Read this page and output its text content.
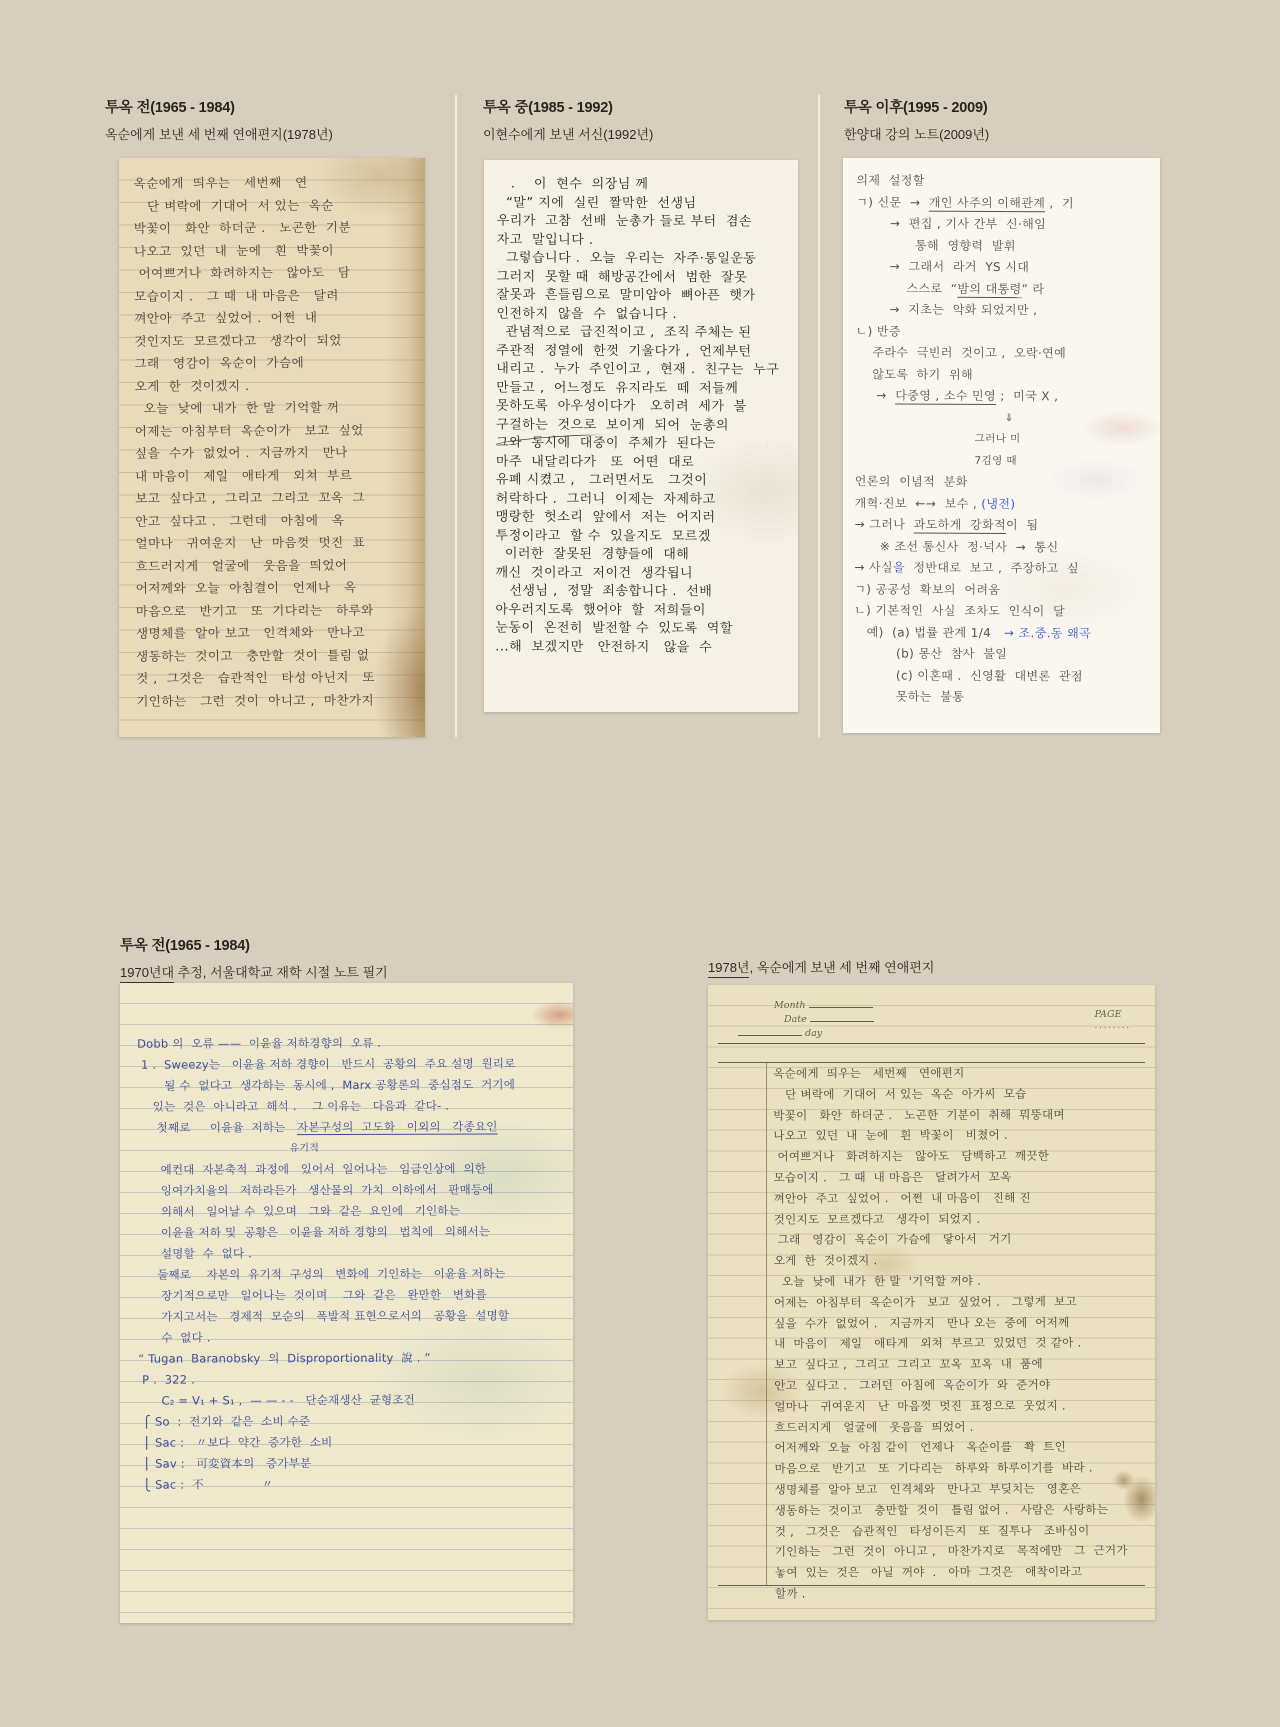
투옥 전(1965 - 1984)
옥순에게 보낸 세 번째 연애편지(1978년)
투옥 중(1985 - 1992)
이현수에게 보낸 서신(1992년)
투옥 이후(1995 - 2009)
한양대 강의 노트(2009년)
옥순에게  띄우는   세번째   연
단 벼락에  기대어  서 있는  옥순
박꽃이   화안  하더군 .   노곤한  기분
나오고  있던  내  눈에   흰  박꽃이
어여쁘거나  화려하지는   않아도   담
모습이지 .   그 때  내 마음은   달려
껴안아  주고  싶었어 .  어쩐  내
것인지도  모르겠다고   생각이  되었
그래   영감이  옥순이  가슴에
오게  한  것이겠지 .
오늘  낮에  내가  한 말  기억할 꺼
어제는  아침부터  옥순이가   보고  싶었
싶을  수가  없었어 .  지금까지   만나
내 마음이   제일   애타게   외쳐  부르
보고  싶다고 ,  그리고  그리고  꼬옥  그
안고  싶다고 .   그런데   아침에   옥
얼마나   귀여운지   난  마음껏  멋진  표
흐드러지게   얼굴에   웃음을  띄었어
어저께와  오늘  아침결이   언제나   옥
마음으로   반기고   또  기다리는   하루와
생명체를  알아 보고   인격체와   만나고
생동하는  것이고   충만할  것이  틀림 없
것 ,  그것은   습관적인   타성 아닌지   또
기인하는   그런  것이  아니고 ,  마찬가지
.    이  현수  의장님 께
“말” 지에  실린  짤막한  선생님
우리가  고참  선배  눈총가 들로 부터  겸손
자고  말입니다 .
그렇습니다 .  오늘  우리는  자주·통일운동
그러지  못할 때  해방공간에서  범한  잘못
잘못과  흔들림으로  말미암아  뼈아픈  햇가
인전하지  않을  수  없습니다 .
관념적으로  급진적이고 ,  조직 주체는 된
주관적  정열에  한껏  기울다가 ,  언제부턴
내리고 .  누가  주인이고 ,  현재 .  친구는  누구
만들고 ,  어느정도  유지라도  떼  저들께
못하도록  아우성이다가   오히려  세가  불
구걸하는  것으로  보이게  되어  눈총의
그와  동시에  대중이  주체가  된다는
마주  내달리다가   또  어떤  대로
유폐 시켰고 ,   그러면서도   그것이
허락하다 .  그러니  이제는  자제하고
맹랑한  헛소리  앞에서  저는  어지러
투정이라고  할 수  있을지도  모르겠
이러한  잘못된  경향들에  대해
깨신  것이라고  저이건  생각됩니
선생님 ,  정말  죄송합니다 .  선배
아우러지도록  했어야  할  저희들이
눈동이  온전히  발전할 수  있도록  역할
...해  보겠지만   안전하지   않을  수
의제  설정할
ㄱ) 신문  →  개인 사주의 이해관계 ,  기
→  편집 , 기사 간부  신·해임
통해  영향력  발휘
→  그래서  라거  YS 시대
스스로  “밤의 대통령” 라
→  지초는  악화 되었지만 ,
ㄴ) 반증
주라수  극빈러  것이고 ,  오락·연예
않도록  하기  위해
→  다중영 , 소수 민영 ;  미국 X ,
⇓
그러나 미
7김영 때
언론의  이념적  분화
개혁·진보  ←→  보수 , (냉전)
→ 그러나  과도하게  강화적이  됨
※ 조선 통신사  정·넉사  →  통신
→ 사실을  정반대로  보고 ,  주장하고  싶
ㄱ) 공공성  확보의  어려움
ㄴ) 기본적인  사실  조차도  인식이  달
예)  (a) 법률 관계 1/4   → 조.중.동 왜곡
(b) 몽산  참사  불일
(c) 이혼때 .  신영활  대변론  관점
못하는  불통
투옥 전(1965 - 1984)
1970년대 추정, 서울대학교 재학 시절 노트 필기	1978년, 옥순에게 보낸 세 번째 연애편지
Dobb 의  오류 ——  이윤율 저하경향의  오류 .
1 .  Sweezy는   이윤율 저하 경향이   반드시  공황의  주요 설명  원리로
될 수  없다고  생각하는  동시에 ,  Marx 공황론의  중심점도  거기에
있는  것은  아니라고  해석 .    그 이유는   다음과  같다- .
첫째로     이윤율  저하는   자본구성의  고도화   이외의   각종요인
유기적
예컨대  자본축적  과정에   있어서  일어나는   임금인상에  의한
잉여가치율의   저하라든가   생산물의  가치  이하에서   판매등에
의해서   일어날 수  있으며   그와  같은  요인에   기인하는
이윤율 저하 및  공황은   이윤율 저하 경향의   법칙에   의해서는
설명할  수  없다 .
둘째로    자본의  유기적  구성의   변화에  기인하는   이윤율 저하는
장기적으로만   일어나는  것이며    그와  같은   완만한   변화를
가지고서는   경제적  모순의   폭발적 표현으로서의   공황을  설명할
수  없다 .
“ Tugan  Baranobsky  의  Disproportionality  說 . ”
P .  322 .
C₂ = V₁ + S₁ ,  — — - -   단순재생산  균형조건
⎧ So  :  전기와  같은  소비 수준
⎪ Sac :   〃보다  약간  증가한  소비
⎪ Sav :   可変資本의   증가부분
⎩ Sac :  不               〃
Month
Date
day
PAGE
........
옥순에게  띄우는   세번째   연애편지
단 벼락에  기대어  서 있는  옥순  아가씨  모습
박꽃이   화안  하더군 .   노곤한  기분이  취해  뭐뚱대며
나오고  있던  내  눈에   흰  박꽃이   비쳤어 .
어여쁘거나   화려하지는   않아도   담백하고  깨끗한
모습이지 .   그 때  내 마음은   달려가서  꼬옥
껴안아  주고  싶었어 .   어쩐  내 마음이   진해 진
것인지도  모르겠다고   생각이  되었지 .
그래   영감이  옥순이  가슴에   닿아서   거기
오게  한  것이겠지 .
오늘  낮에  내가  한 말  '기억할 꺼야 .
어제는  아침부터  옥순이가   보고  싶었어 .   그렇게  보고
싶을  수가  없었어 .   지금까지   만나 오는  중에  어저께
내  마음이   제일   애타게   외쳐  부르고  있었던  것 같아 .
보고  싶다고 ,  그리고  그리고  꼬옥  꼬옥  내  품에
안고  싶다고 .   그러던  아침에  옥순이가  와  준거야
얼마나   귀여운지   난  마음껏  멋진  표정으로  웃었지 .
흐드러지게   얼굴에   웃음을  띄었어 .
어저께와  오늘  아침 같이   언제나   옥순이를   쫙  트인
마음으로   반기고   또  기다리는   하루와  하루이기를  바라 .
생명체를  알아 보고   인격체와   만나고  부딪치는   영혼은
생동하는  것이고   충만할  것이   틀림 없어 .   사람은  사랑하는
것 ,   그것은   습관적인   타성이든지   또  질투나   조바심이
기인하는   그런  것이  아니고 ,   마찬가지로   목적에만   그  근거가
놓여  있는  것은   아닐  꺼야  .   아마  그것은   애착이라고
할까 .
